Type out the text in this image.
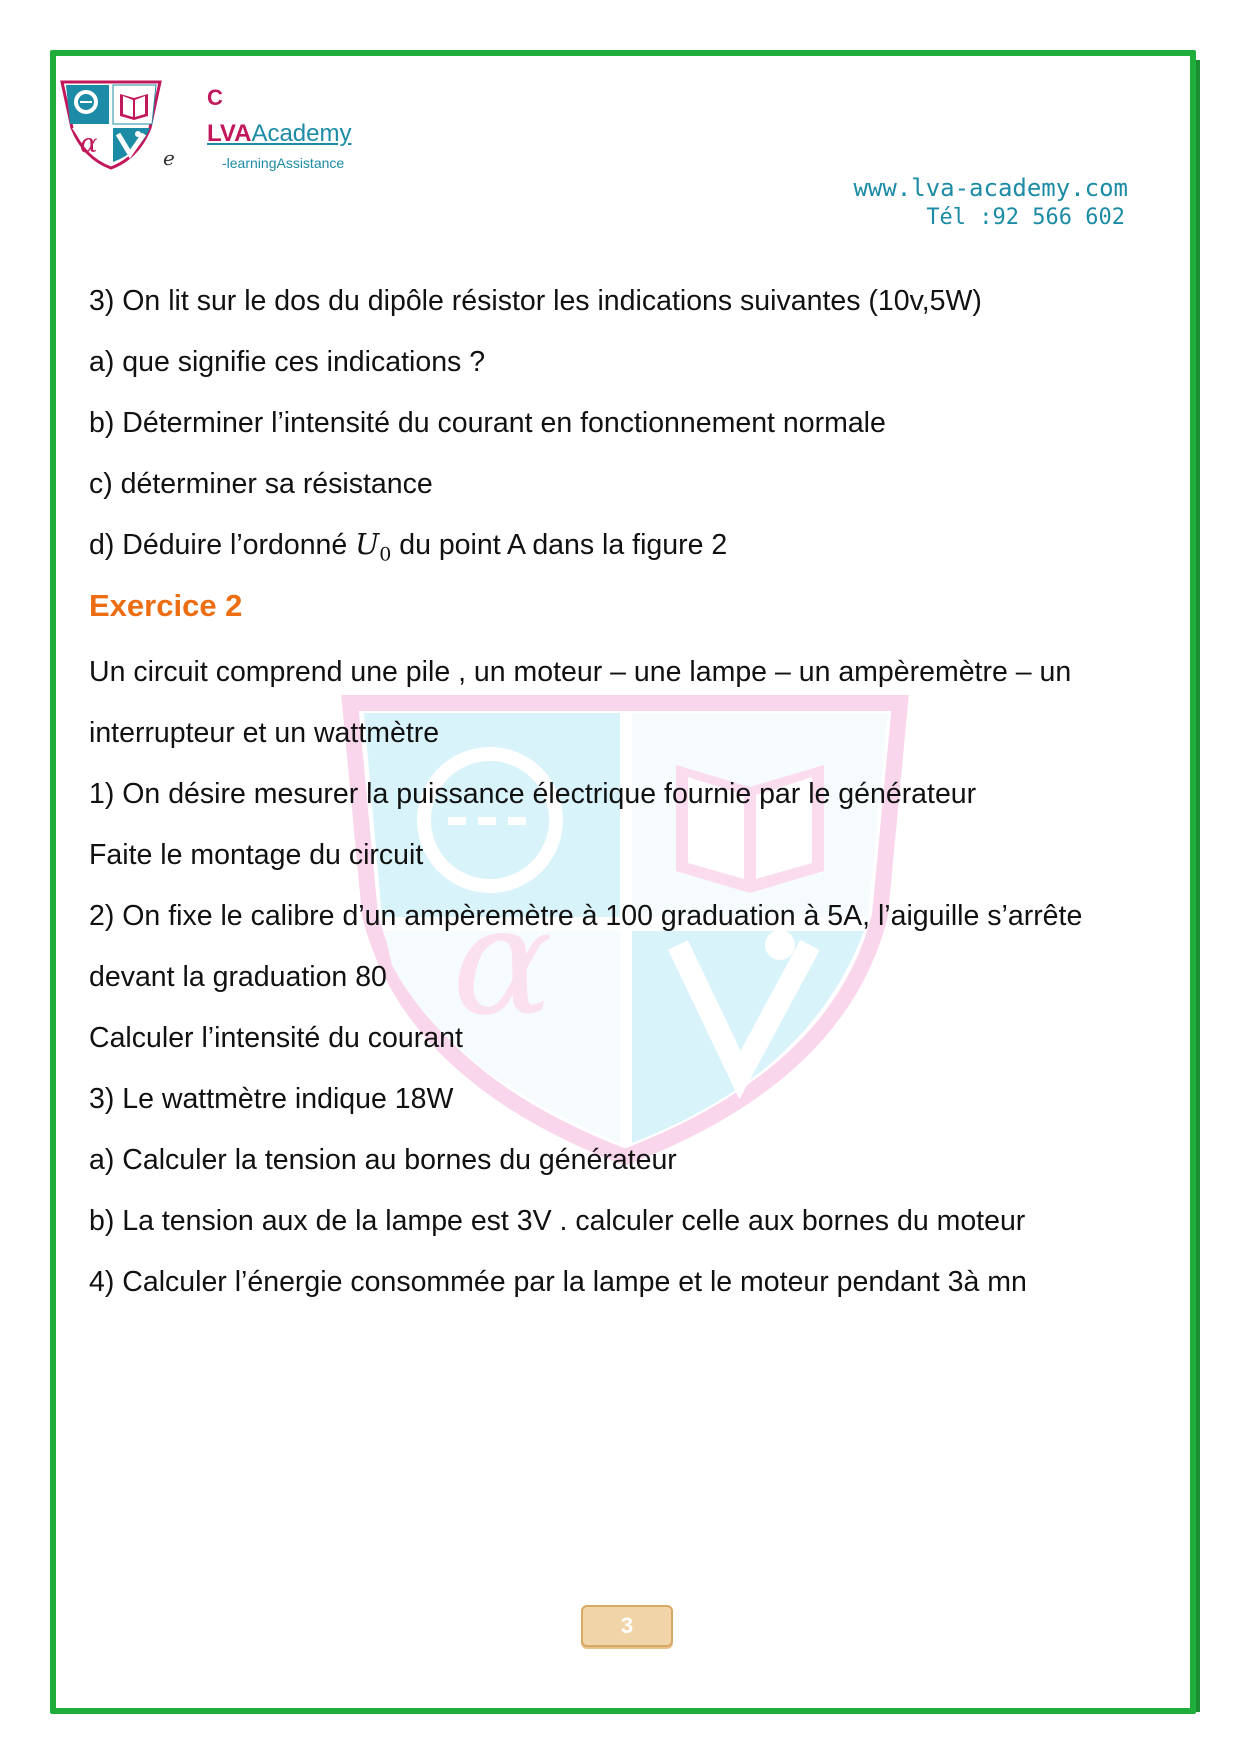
α	e
C
LVAAcademy
-learningAssistance
www.lva-academy.com
Tél :92 566 602
α

3) On lit sur le dos du dipôle résistor les indications suivantes (10v,5W)

a) que signifie ces indications ?

b) Déterminer l’intensité du courant en fonctionnement normale

c) déterminer sa résistance

d) Déduire l’ordonné $U_0$ du point A dans la figure 2

Exercice 2

Un circuit comprend une pile , un moteur – une lampe – un ampèremètre – un

interrupteur et un wattmètre

1) On désire mesurer la puissance électrique fournie par le générateur

Faite le montage du circuit

2) On fixe le calibre d’un ampèremètre à 100 graduation à 5A, l’aiguille s’arrête

devant la graduation 80

Calculer l’intensité du courant

3) Le wattmètre indique 18W

a) Calculer la tension au bornes du générateur

b) La tension aux de la lampe est 3V . calculer celle aux bornes du moteur

4) Calculer l’énergie consommée par la lampe et le moteur pendant 3à mn

3
